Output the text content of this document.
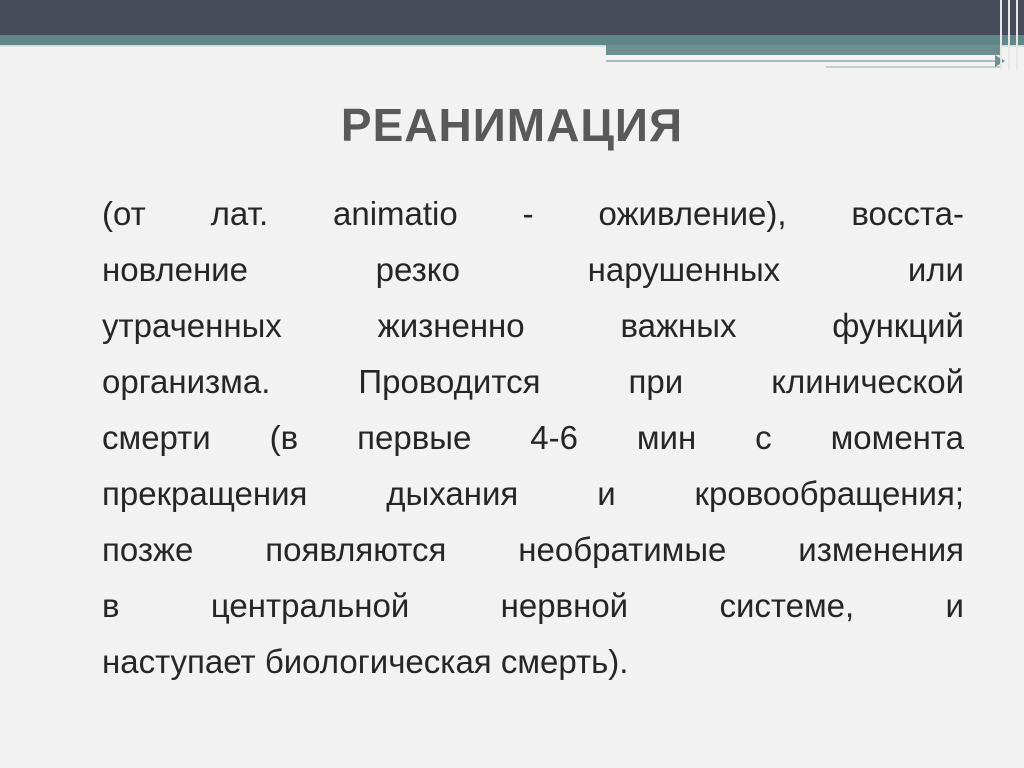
РЕАНИМАЦИЯ
(от лат. animatio - оживление), восста-
новление резко нарушенных или
утраченных жизненно важных функций
организма. Проводится при клинической
смерти (в первые 4-6 мин с момента
прекращения дыхания и кровообращения;
позже появляются необратимые изменения
в центральной нервной системе, и
наступает биологическая смерть).
